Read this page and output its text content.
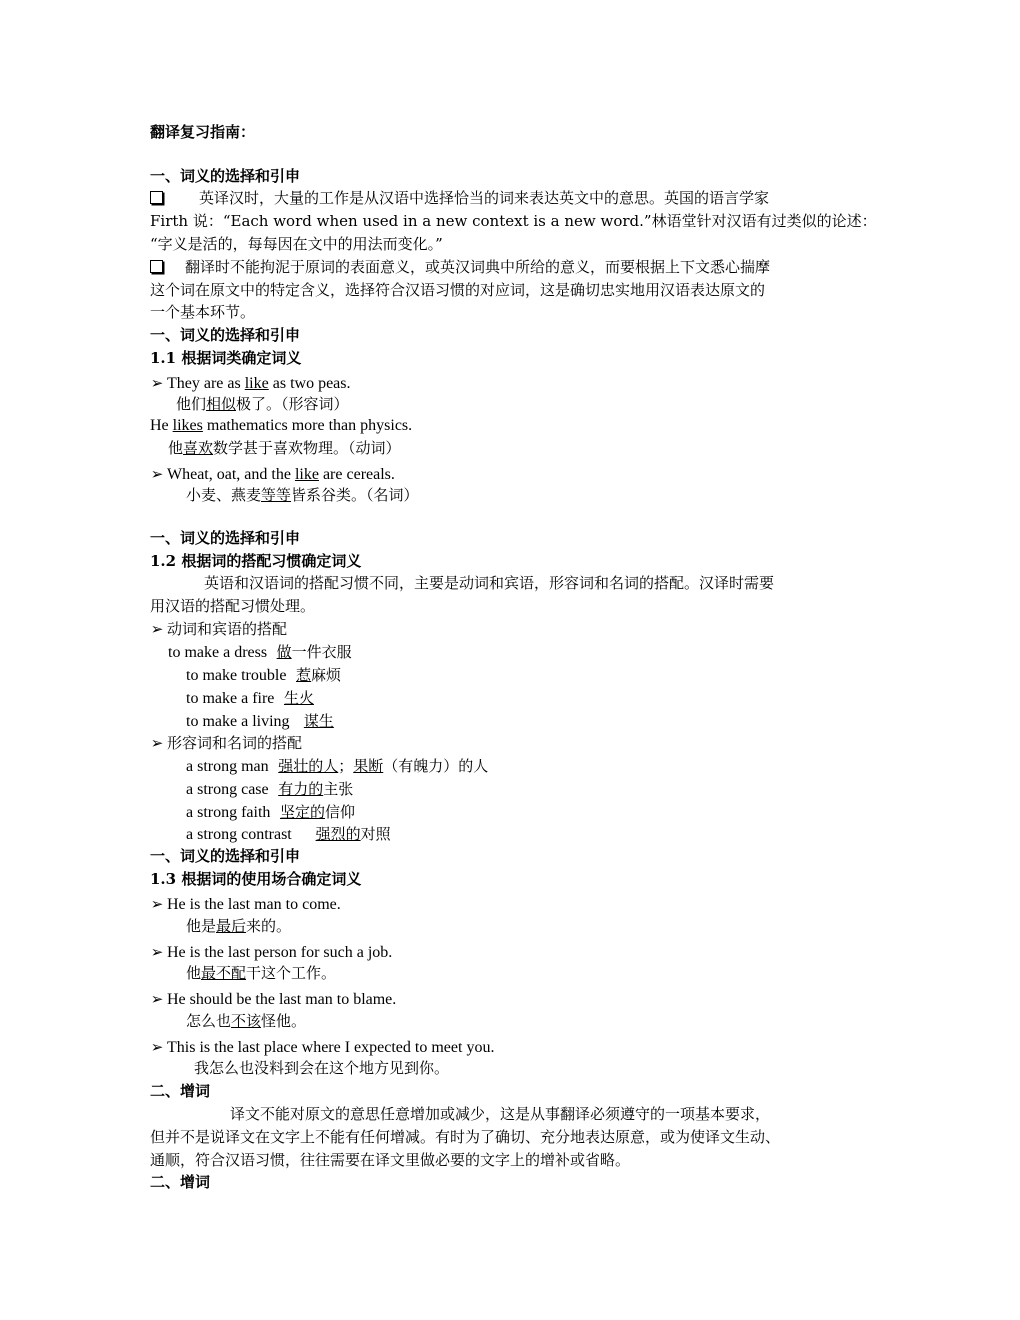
翻译复习指南：
一、词义的选择和引申
英译汉时，大量的工作是从汉语中选择恰当的词来表达英文中的意思。英国的语言学家
Firth 说：“Each word when used in a new context is a new word.”林语堂针对汉语有过类似的论述：
“字义是活的，每每因在文中的用法而变化。”
翻译时不能拘泥于原词的表面意义，或英汉词典中所给的意义，而要根据上下文悉心揣摩
这个词在原文中的特定含义，选择符合汉语习惯的对应词，这是确切忠实地用汉语表达原文的
一个基本环节。
一、词义的选择和引申
1.1 根据词类确定词义
➢ They are as like as two peas.
他们相似极了。（形容词）
He likes mathematics more than physics.
他喜欢数学甚于喜欢物理。（动词）
➢ Wheat, oat, and the like are cereals.
小麦、燕麦等等皆系谷类。（名词）
一、词义的选择和引申
1.2 根据词的搭配习惯确定词义
英语和汉语词的搭配习惯不同，主要是动词和宾语，形容词和名词的搭配。汉译时需要
用汉语的搭配习惯处理。
➢ 动词和宾语的搭配
to make a dress 做一件衣服
to make trouble 惹麻烦
to make a fire 生火
to make a living 谋生
➢ 形容词和名词的搭配
a strong man 强壮的人；果断（有魄力）的人
a strong case 有力的主张
a strong faith 坚定的信仰
a strong contrast 强烈的对照
一、词义的选择和引申
1.3 根据词的使用场合确定词义
➢ He is the last man to come.
他是最后来的。
➢ He is the last person for such a job.
他最不配干这个工作。
➢ He should be the last man to blame.
怎么也不该怪他。
➢ This is the last place where I expected to meet you.
我怎么也没料到会在这个地方见到你。
二、增词
译文不能对原文的意思任意增加或减少，这是从事翻译必须遵守的一项基本要求，
但并不是说译文在文字上不能有任何增减。有时为了确切、充分地表达原意，或为使译文生动、
通顺，符合汉语习惯，往往需要在译文里做必要的文字上的增补或省略。
二、增词
